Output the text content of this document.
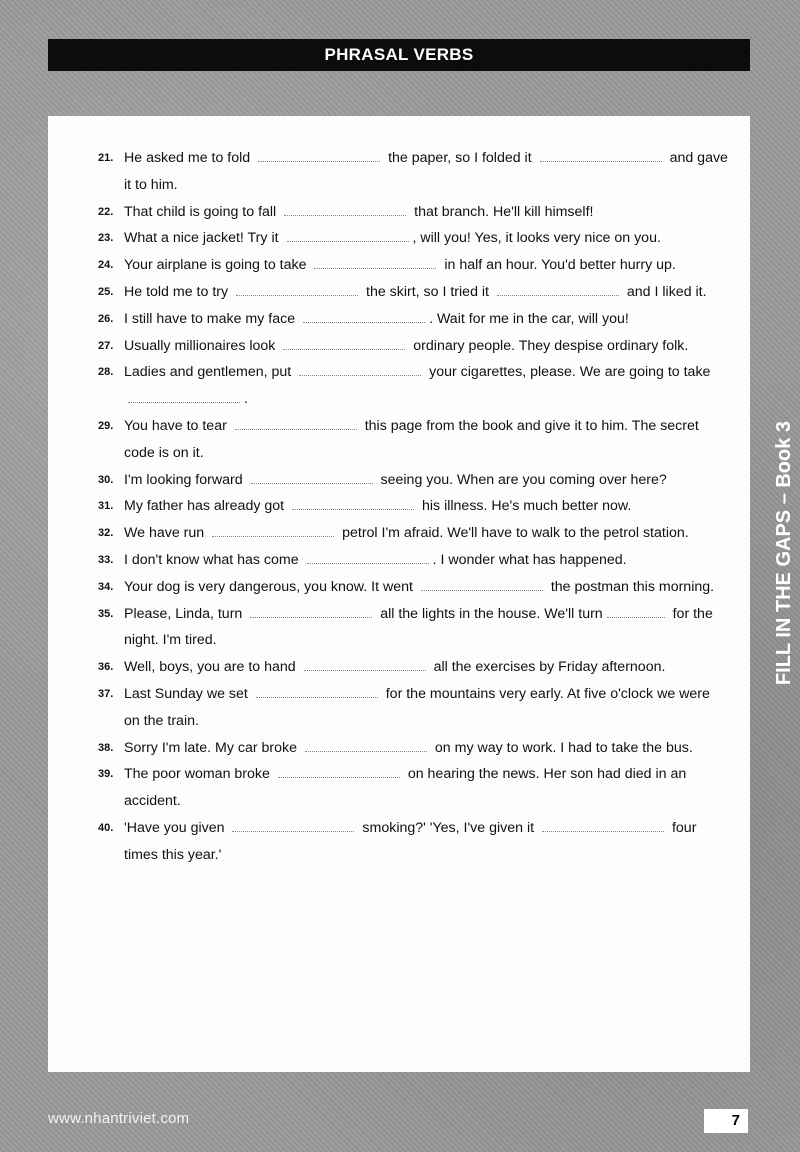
PHRASAL VERBS
21. He asked me to fold	the paper, so I folded it	and gave it to him.
22. That child is going to fall	that branch. He'll kill himself!
23. What a nice jacket! Try it	, will you! Yes, it looks very nice on you.
24. Your airplane is going to take	in half an hour. You'd better hurry up.
25. He told me to try	the skirt, so I tried it	and I liked it.
26. I still have to make my face	. Wait for me in the car, will you!
27. Usually millionaires look	ordinary people. They despise ordinary folk.
28. Ladies and gentlemen, put	your cigarettes, please. We are going to take .
29. You have to tear	this page from the book and give it to him. The secret code is on it.
30. I'm looking forward	seeing you. When are you coming over here?
31. My father has already got	his illness. He's much better now.
32. We have run	petrol I'm afraid. We'll have to walk to the petrol station.
33. I don't know what has come	. I wonder what has happened.
34. Your dog is very dangerous, you know. It went	the postman this morning.
35. Please, Linda, turn	all the lights in the house. We'll turn	for the night. I'm tired.
36. Well, boys, you are to hand	all the exercises by Friday afternoon.
37. Last Sunday we set	for the mountains very early. At five o'clock we were on the train.
38. Sorry I'm late. My car broke	on my way to work. I had to take the bus.
39. The poor woman broke	on hearing the news. Her son had died in an accident.
40. 'Have you given	smoking?' 'Yes, I've given it	four times this year.'
FILL IN THE GAPS – Book 3
www.nhantriviet.com	7
